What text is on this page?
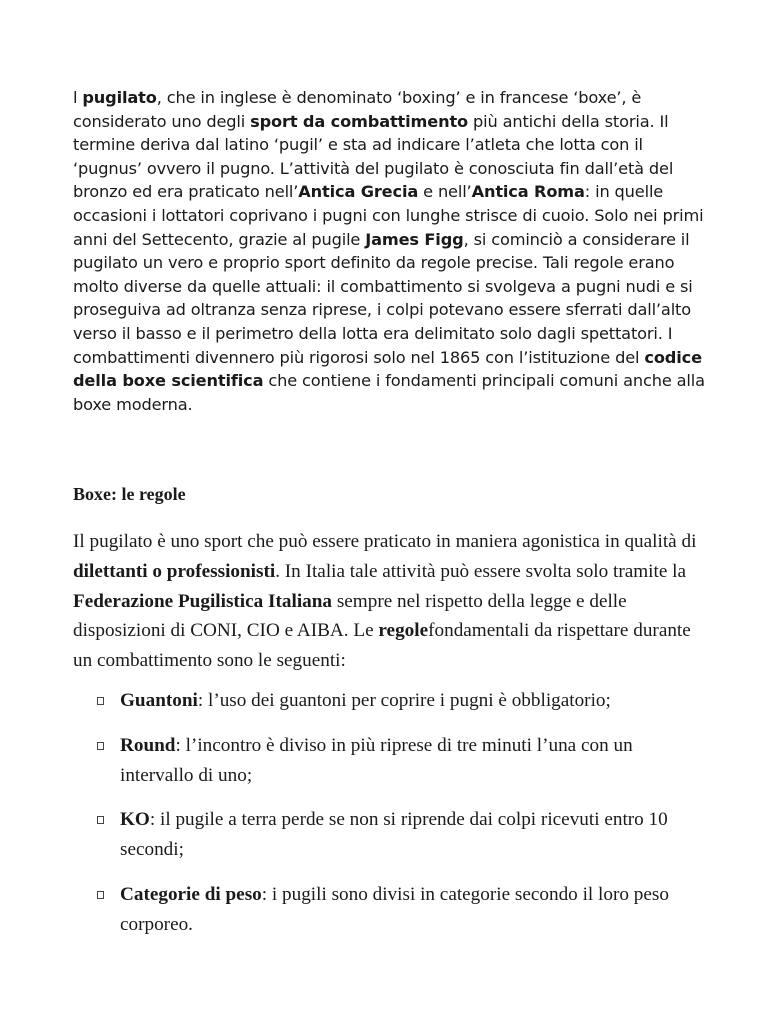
l pugilato, che in inglese è denominato ‘boxing’ e in francese ‘boxe’, è considerato uno degli sport da combattimento più antichi della storia. Il termine deriva dal latino ‘pugil’ e sta ad indicare l’atleta che lotta con il ‘pugnus’ ovvero il pugno. L’attività del pugilato è conosciuta fin dall’età del bronzo ed era praticato nell’Antica Grecia e nell’Antica Roma: in quelle occasioni i lottatori coprivano i pugni con lunghe strisce di cuoio. Solo nei primi anni del Settecento, grazie al pugile James Figg, si cominciò a considerare il pugilato un vero e proprio sport definito da regole precise. Tali regole erano molto diverse da quelle attuali: il combattimento si svolgeva a pugni nudi e si proseguiva ad oltranza senza riprese, i colpi potevano essere sferrati dall’alto verso il basso e il perimetro della lotta era delimitato solo dagli spettatori. I combattimenti divennero più rigorosi solo nel 1865 con l’istituzione del codice della boxe scientifica che contiene i fondamenti principali comuni anche alla boxe moderna.

Boxe: le regole

Il pugilato è uno sport che può essere praticato in maniera agonistica in qualità di dilettanti o professionisti. In Italia tale attività può essere svolta solo tramite la Federazione Pugilistica Italiana sempre nel rispetto della legge e delle disposizioni di CONI, CIO e AIBA. Le regolefondamentali da rispettare durante un combattimento sono le seguenti:

Guantoni: l’uso dei guantoni per coprire i pugni è obbligatorio;
Round: l’incontro è diviso in più riprese di tre minuti l’una con un intervallo di uno;
KO: il pugile a terra perde se non si riprende dai colpi ricevuti entro 10 secondi;
Categorie di peso: i pugili sono divisi in categorie secondo il loro peso corporeo.
